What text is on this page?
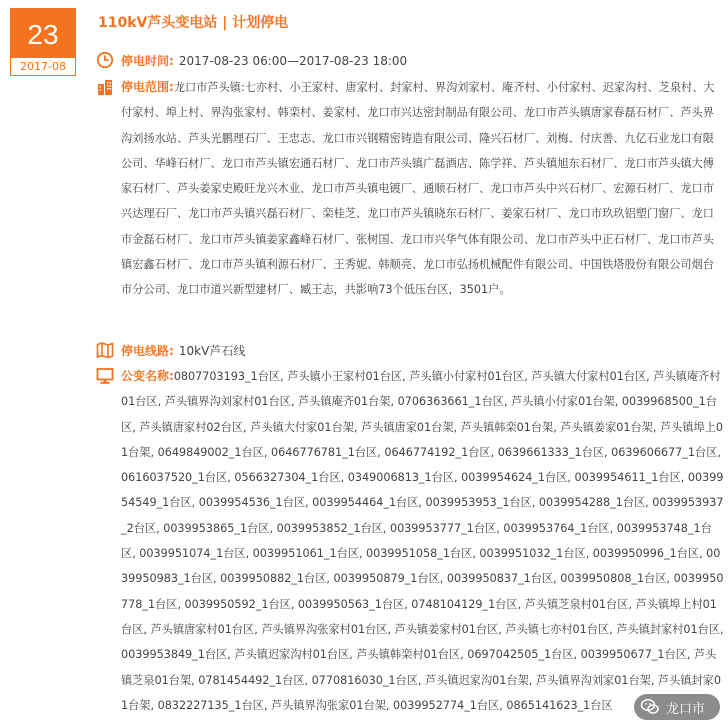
23
2017-08
110kV芦头变电站 | 计划停电
停电时间: 2017-08-23 06:00—2017-08-23 18:00
停电范围:龙口市芦头镇:七亦村、小王家村、唐家村、封家村、界沟刘家村、庵齐村、小付家村、迟家沟村、芝泉村、大付家村、埠上村、界沟张家村、韩栾村、姜家村、龙口市兴达密封制品有限公司、龙口市芦头镇唐家春磊石材厂、芦头界沟刘扬水站、芦头光鹏理石厂、王忠志、龙口市兴钢精密铸造有限公司、隆兴石材厂、刘梅、付庆善、九亿石业龙口有限公司、华峰石材厂、龙口市芦头镇宏通石材厂、龙口市芦头镇广磊酒店、陈学祥、芦头镇旭东石材厂、龙口市芦头镇大傅家石材厂、芦头姜家史殿旺龙兴木业、龙口市芦头镇电镀厂、通顺石材厂、龙口市芦头中兴石材厂、宏源石材厂、龙口市兴达理石厂、龙口市芦头镇兴磊石材厂、栾桂芝、龙口市芦头镇晓东石材厂、姜家石材厂、龙口市玖玖铝塑门窗厂、龙口市金磊石材厂、龙口市芦头镇姜家鑫峰石材厂、张树国、龙口市兴华气体有限公司、龙口市芦头中正石材厂、龙口市芦头镇宏鑫石材厂、龙口市芦头镇利源石材厂、王秀妮、韩顺亮、龙口市弘扬机械配件有限公司、中国铁塔股份有限公司烟台市分公司、龙口市道兴新型建材厂、臧王志，共影响73个低压台区，3501户。
停电线路: 10kV芦石线
公变名称:0807703193_1台区, 芦头镇小王家村01台区, 芦头镇小付家村01台区, 芦头镇大付家村01台区, 芦头镇庵齐村01台区, 芦头镇界沟刘家村01台区, 芦头镇庵齐01台架, 0706363661_1台区, 芦头镇小付家01台架, 0039968500_1台区, 芦头镇唐家村02台区, 芦头镇大付家01台架, 芦头镇唐家01台架, 芦头镇韩栾01台架, 芦头镇姜家01台架, 芦头镇埠上01台架, 0649849002_1台区, 0646776781_1台区, 0646774192_1台区, 0639661333_1台区, 0639606677_1台区, 0616037520_1台区, 0566327304_1台区, 0349006813_1台区, 0039954624_1台区, 0039954611_1台区, 0039954549_1台区, 0039954536_1台区, 0039954464_1台区, 0039953953_1台区, 0039954288_1台区, 0039953937_2台区, 0039953865_1台区, 0039953852_1台区, 0039953777_1台区, 0039953764_1台区, 0039953748_1台区, 0039951074_1台区, 0039951061_1台区, 0039951058_1台区, 0039951032_1台区, 0039950996_1台区, 0039950983_1台区, 0039950882_1台区, 0039950879_1台区, 0039950837_1台区, 0039950808_1台区, 0039950778_1台区, 0039950592_1台区, 0039950563_1台区, 0748104129_1台区, 芦头镇芝泉村01台区, 芦头镇埠上村01台区, 芦头镇唐家村01台区, 芦头镇界沟张家村01台区, 芦头镇姜家村01台区, 芦头镇七亦村01台区, 芦头镇封家村01台区, 0039953849_1台区, 芦头镇迟家沟村01台区, 芦头镇韩栾村01台区, 0697042505_1台区, 0039950677_1台区, 芦头镇芝泉01台架, 0781454492_1台区, 0770816030_1台区, 芦头镇迟家沟01台架, 芦头镇界沟刘家01台架, 芦头镇封家01台架, 0832227135_1台区, 芦头镇界沟张家01台架, 0039952774_1台区, 0865141623_1台区	龙口市
